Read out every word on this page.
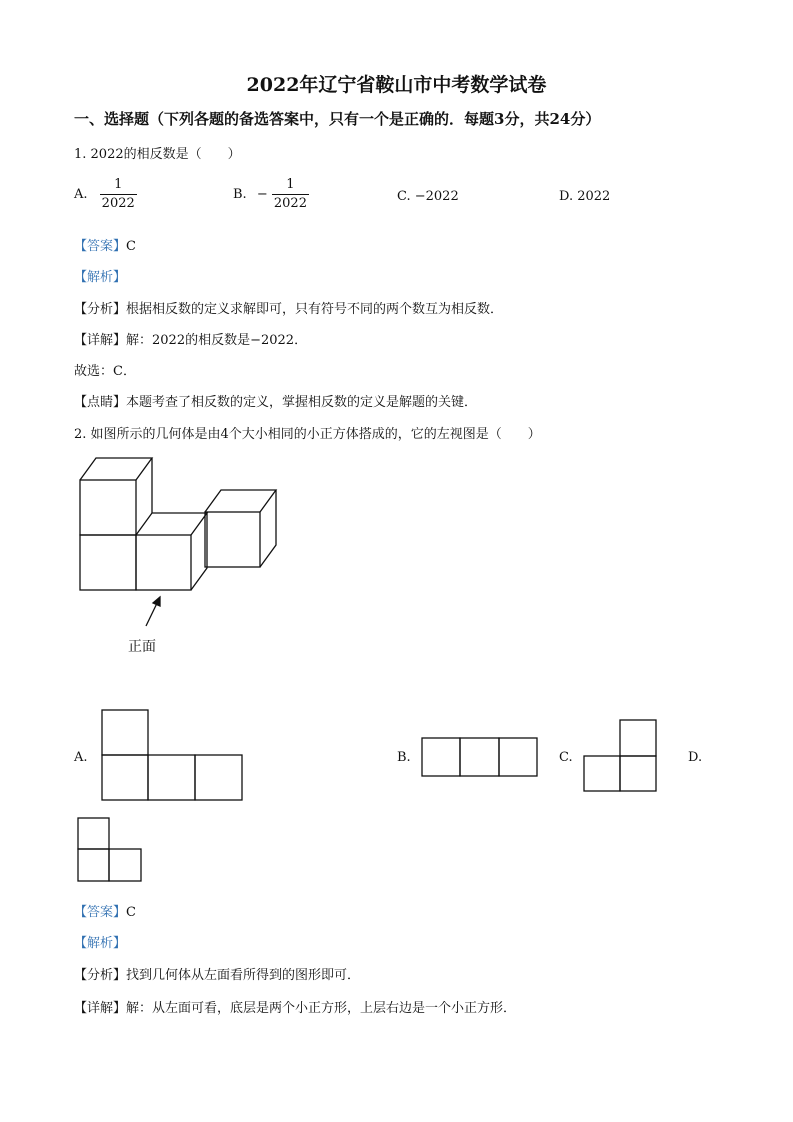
2022年辽宁省鞍山市中考数学试卷
一、选择题（下列各题的备选答案中，只有一个是正确的．每题3分，共24分）
1. 2022的相反数是（　　）
A. $\frac{1}{2022}$	B. − $\frac{1}{2022}$	C. −2022	D. 2022
【答案】C
【解析】
【分析】根据相反数的定义求解即可，只有符号不同的两个数互为相反数．
【详解】解：2022的相反数是−2022．
故选：C．
【点睛】本题考查了相反数的定义，掌握相反数的定义是解题的关键．
2. 如图所示的几何体是由4个大小相同的小正方体搭成的，它的左视图是（　　）
正面
A.	B.	C.	D.
【答案】C
【解析】
【分析】找到几何体从左面看所得到的图形即可．
【详解】解：从左面可看，底层是两个小正方形，上层右边是一个小正方形．
